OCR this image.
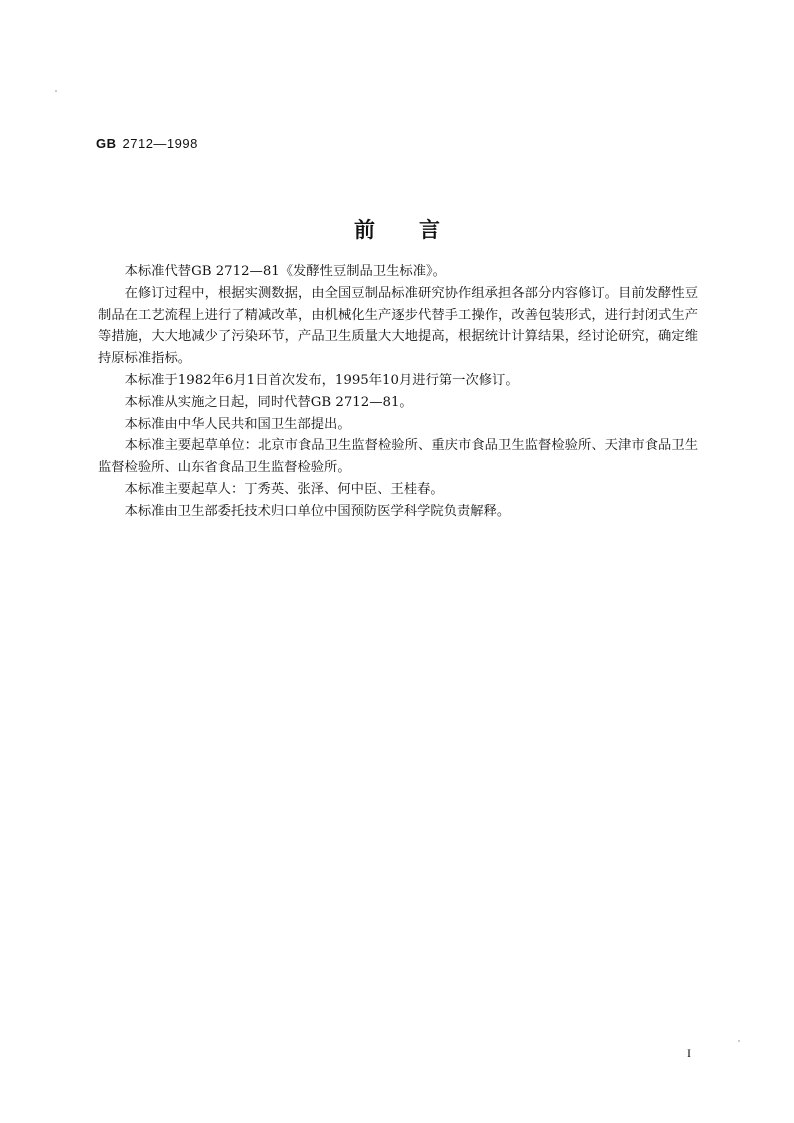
GB 2712—1998
前言

本标准代替GB 2712—81《发酵性豆制品卫生标准》。

在修订过程中，根据实测数据，由全国豆制品标准研究协作组承担各部分内容修订。目前发酵性豆制品在工艺流程上进行了精减改革，由机械化生产逐步代替手工操作，改善包装形式，进行封闭式生产等措施，大大地减少了污染环节，产品卫生质量大大地提高，根据统计计算结果，经讨论研究，确定维持原标准指标。

本标准于1982年6月1日首次发布，1995年10月进行第一次修订。

本标准从实施之日起，同时代替GB 2712—81。

本标准由中华人民共和国卫生部提出。

本标准主要起草单位：北京市食品卫生监督检验所、重庆市食品卫生监督检验所、天津市食品卫生监督检验所、山东省食品卫生监督检验所。

本标准主要起草人：丁秀英、张泽、何中臣、王桂春。

本标准由卫生部委托技术归口单位中国预防医学科学院负责解释。

I
